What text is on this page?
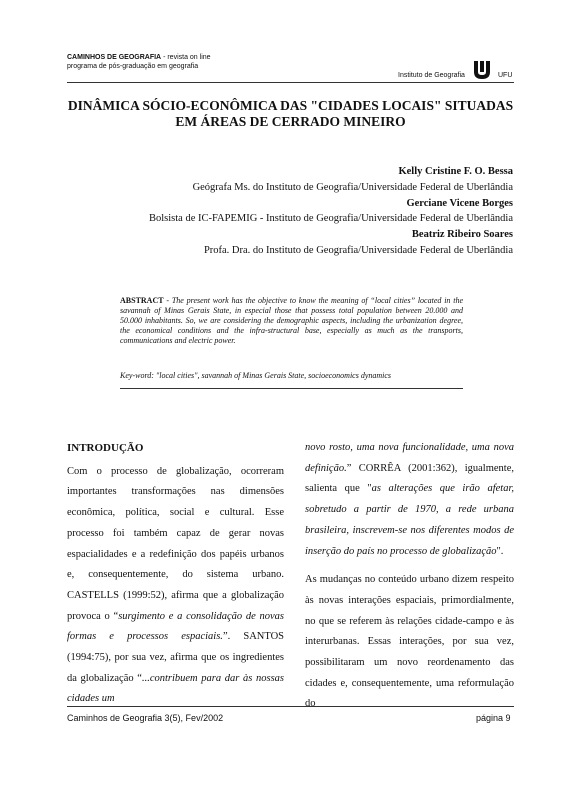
CAMINHOS DE GEOGRAFIA - revista on line
programa de pós-graduação em geografia
Instituto de Geografia	UFU
DINÂMICA SÓCIO-ECONÔMICA DAS "CIDADES LOCAIS" SITUADAS
EM ÁREAS DE CERRADO MINEIRO
Kelly Cristine F. O. Bessa
Geógrafa Ms. do Instituto de Geografia/Universidade Federal de Uberlândia
Gerciane Vicene Borges
Bolsista de IC-FAPEMIG - Instituto de Geografia/Universidade Federal de Uberlândia
Beatriz Ribeiro Soares
Profa. Dra. do Instituto de Geografia/Universidade Federal de Uberlândia
ABSTRACT - The present work has the objective to know the meaning of “local cities” located in the savannah of Minas Gerais State, in especial those that possess total population between 20.000 and 50.000 inhabitants. So, we are considering the demographic aspects, including the urbanization degree, the economical conditions and the infra-structural base, especially as much as the transports, communications and electric power.
Key-word: "local cities", savannah of Minas Gerais State, socioeconomics dynamics
INTRODUÇÃO

Com o processo de globalização, ocorreram importantes transformações nas dimensões econômica, política, social e cultural. Esse processo foi também capaz de gerar novas espacialidades e a redefinição dos papéis urbanos e, consequentemente, do sistema urbano. CASTELLS (1999:52), afirma que a globalização provoca o “surgimento e a consolidação de novas formas e processos espaciais.”. SANTOS (1994:75), por sua vez, afirma que os ingredientes da globalização “...contribuem para dar às nossas cidades um

novo rosto, uma nova funcionalidade, uma nova definição.” CORRÊA (2001:362), igualmente, salienta que "as alterações que irão afetar, sobretudo a partir de 1970, a rede urbana brasileira, inscrevem-se nos diferentes modos de inserção do país no processo de globalização".

As mudanças no conteúdo urbano dizem respeito às novas interações espaciais, primordialmente, no que se referem às relações cidade-campo e às interurbanas. Essas interações, por sua vez, possibilitaram um novo reordenamento das cidades e, consequentemente, uma reformulação do

Caminhos de Geografia 3(5), Fev/2002	página 9
